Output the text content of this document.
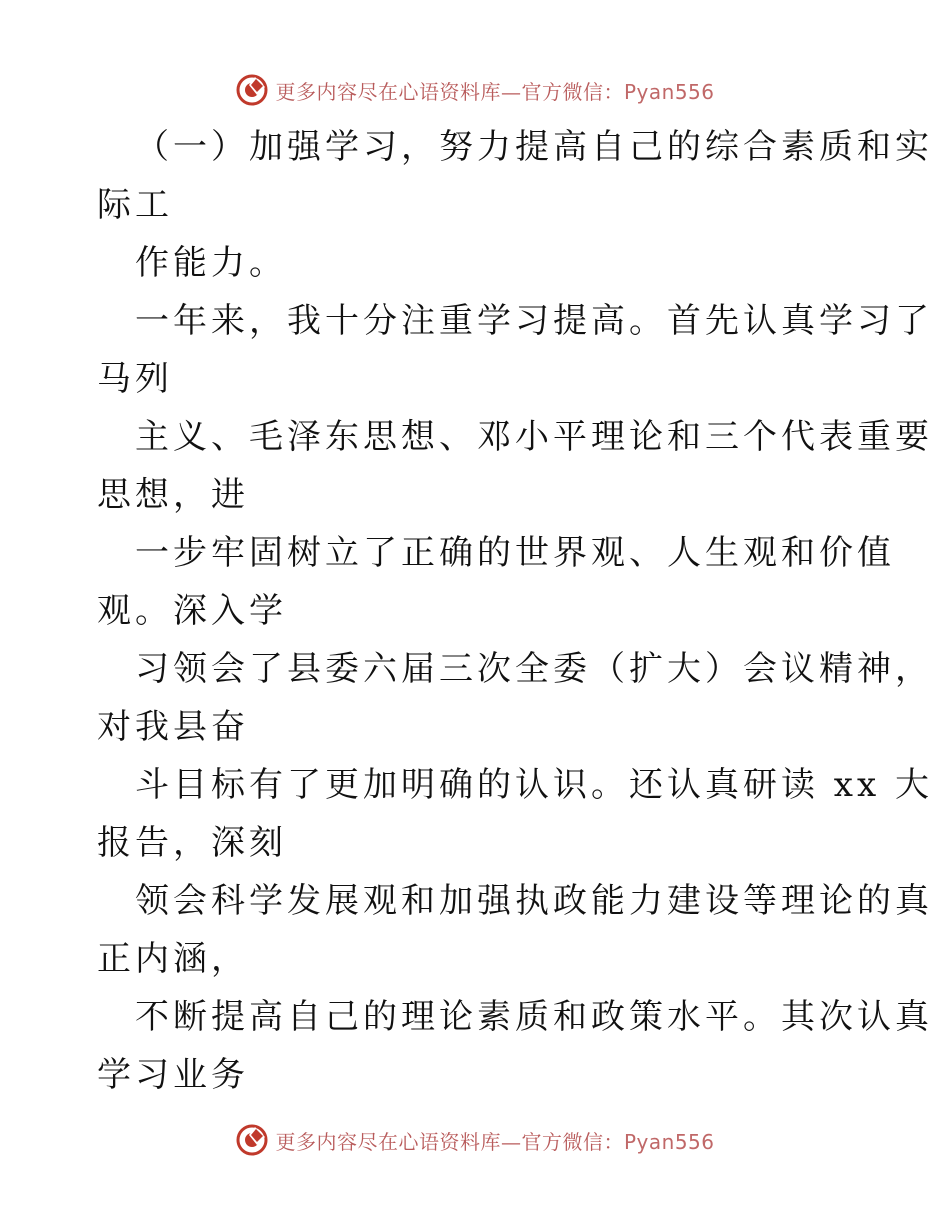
更多内容尽在心语资料库—官方微信：Pyan556
（一）加强学习，努力提高自己的综合素质和实
际工
作能力。
一年来，我十分注重学习提高。首先认真学习了
马列
主义、毛泽东思想、邓小平理论和三个代表重要
思想，进
一步牢固树立了正确的世界观、人生观和价值
观。深入学
习领会了县委六届三次全委（扩大）会议精神，
对我县奋
斗目标有了更加明确的认识。还认真研读 xx 大
报告，深刻
领会科学发展观和加强执政能力建设等理论的真
正内涵，
不断提高自己的理论素质和政策水平。其次认真
学习业务
更多内容尽在心语资料库—官方微信：Pyan556
